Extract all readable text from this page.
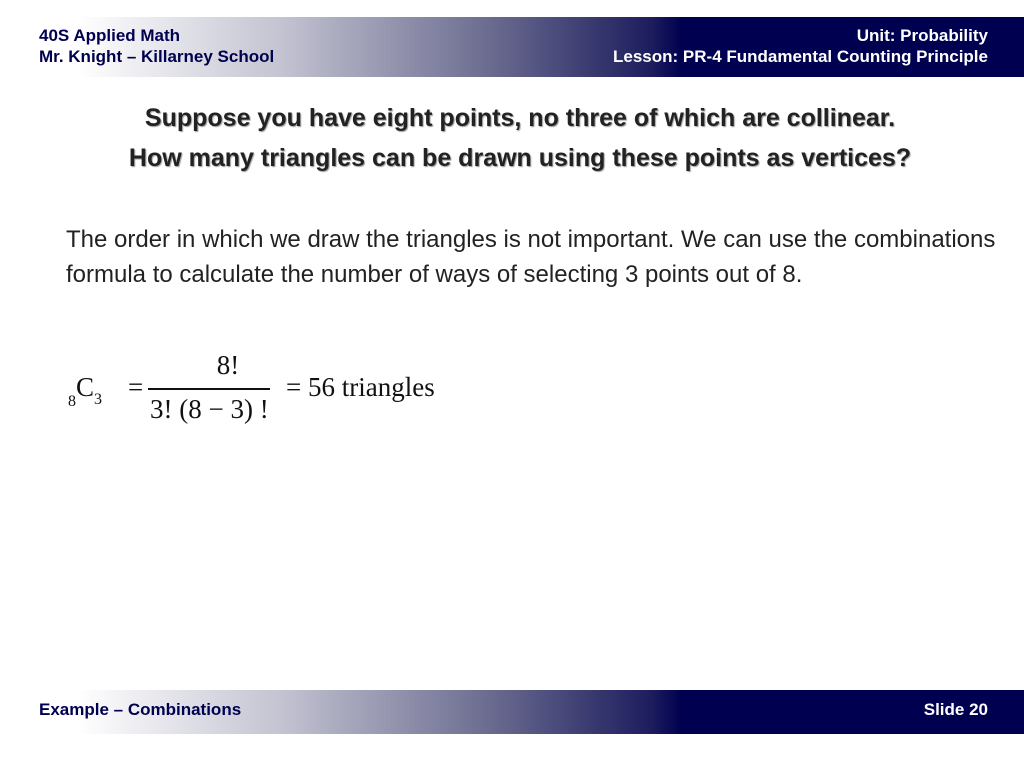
40S Applied Math
Mr. Knight – Killarney School
Unit: Probability
Lesson: PR-4 Fundamental Counting Principle
Suppose you have eight points, no three of which are collinear.
How many triangles can be drawn using these points as vertices?
The order in which we draw the triangles is not important. We can use the combinations formula to calculate the number of ways of selecting 3 points out of 8.
$_8C_3$ =
8!
3! (8 − 3) !
= 56 triangles
Example – Combinations	Slide 20
